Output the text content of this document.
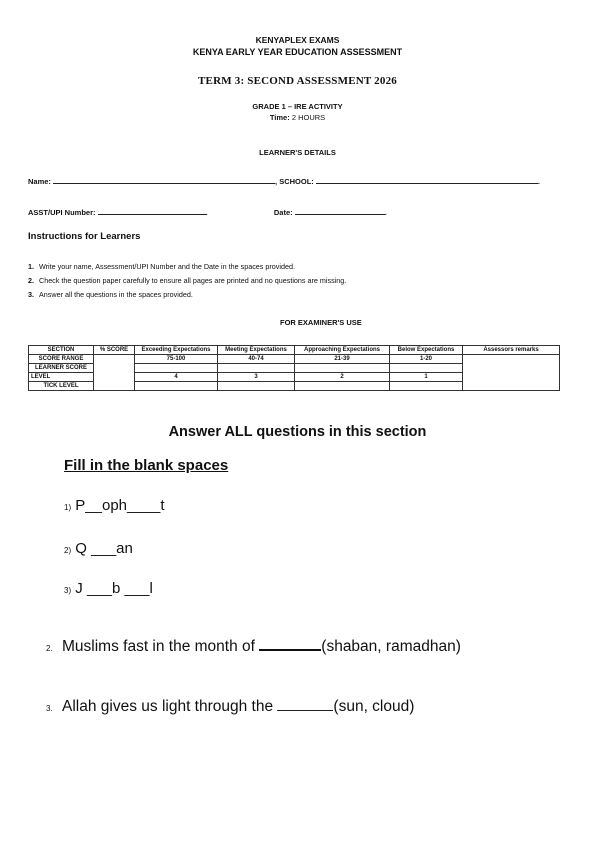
KENYAPLEX EXAMS
KENYA EARLY YEAR EDUCATION ASSESSMENT
TERM 3: SECOND ASSESSMENT 2026
GRADE 1 – IRE ACTIVITY
Time: 2 HOURS
LEARNER'S DETAILS
Name:	, SCHOOL:	.
ASST/UPI Number:	.	Date:	.
Instructions for Learners
1. Write your name, Assessment/UPI Number and the Date in the spaces provided.
2. Check the question paper carefully to ensure all pages are printed and no questions are missing.
3. Answer all the questions in the spaces provided.
FOR EXAMINER'S USE
SECTION	% SCORE	Exceeding Expectations	Meeting Expectations	Approaching Expectations	Below Expectations	Assessors remarks
SCORE RANGE		75-100	40-74	21-39	1-20	
LEARNER SCORE						
LEVEL		4	3	2	1	
TICK LEVEL						
Answer ALL questions in this section
Fill in the blank spaces
1) P__oph____t
2) Q ___an
3) J ___b ___l
2. Muslims fast in the month of	(shaban, ramadhan)
3. Allah gives us light through the	(sun, cloud)
